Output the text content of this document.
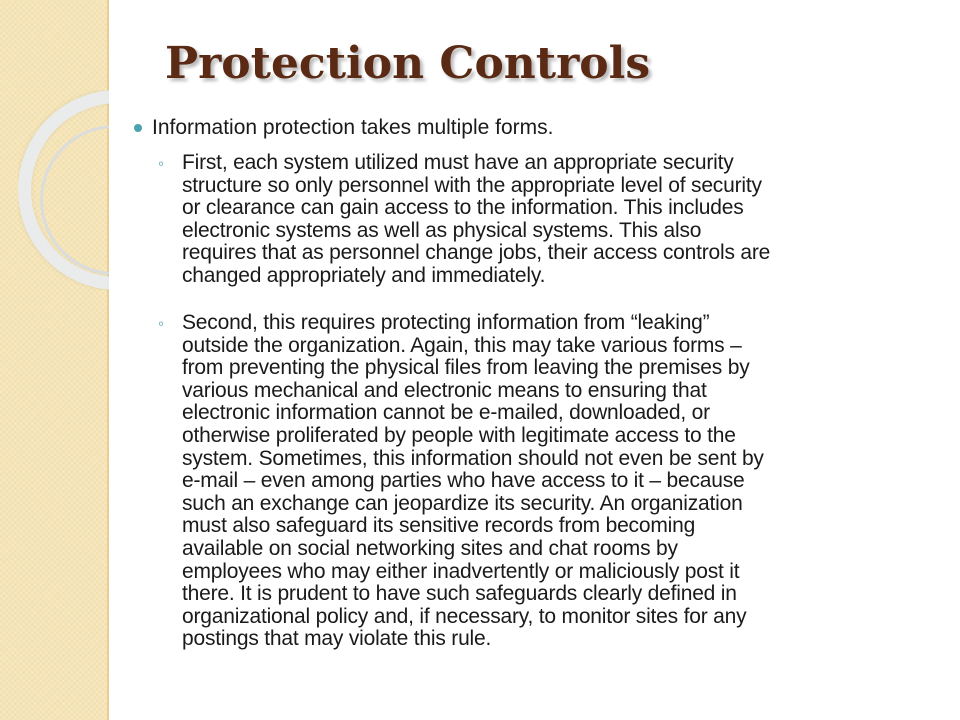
Protection Controls
Information protection takes multiple forms.
◦ First, each system utilized must have an appropriate security
structure so only personnel with the appropriate level of security
or clearance can gain access to the information. This includes
electronic systems as well as physical systems. This also
requires that as personnel change jobs, their access controls are
changed appropriately and immediately.
◦ Second, this requires protecting information from “leaking”
outside the organization. Again, this may take various forms –
from preventing the physical files from leaving the premises by
various mechanical and electronic means to ensuring that
electronic information cannot be e-mailed, downloaded, or
otherwise proliferated by people with legitimate access to the
system. Sometimes, this information should not even be sent by
e-mail – even among parties who have access to it – because
such an exchange can jeopardize its security. An organization
must also safeguard its sensitive records from becoming
available on social networking sites and chat rooms by
employees who may either inadvertently or maliciously post it
there. It is prudent to have such safeguards clearly defined in
organizational policy and, if necessary, to monitor sites for any
postings that may violate this rule.
